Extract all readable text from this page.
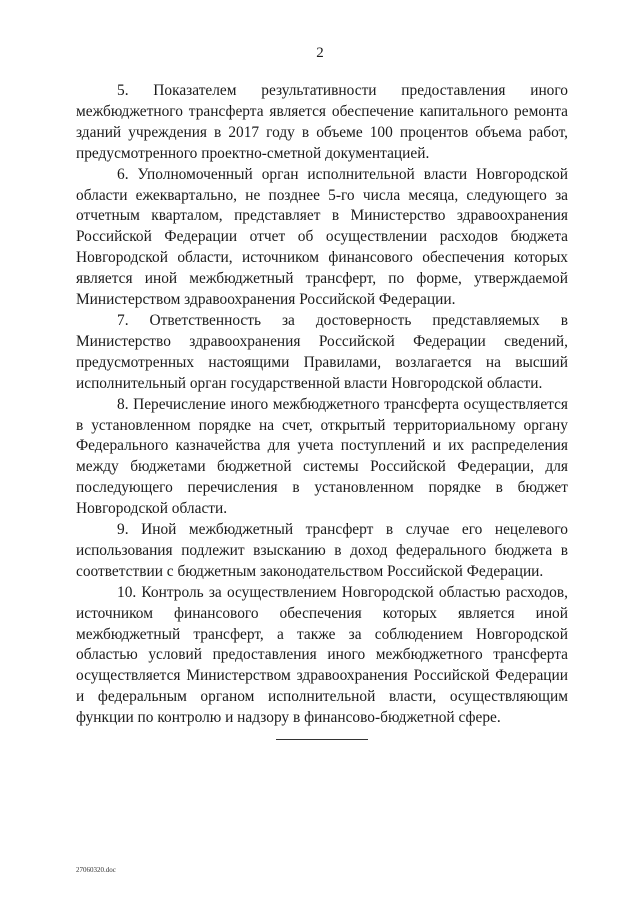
2

5. Показателем результативности предоставления иного межбюджетного трансферта является обеспечение капитального ремонта зданий учреждения в 2017 году в объеме 100 процентов объема работ, предусмотренного проектно-сметной документацией.

6. Уполномоченный орган исполнительной власти Новгородской области ежеквартально, не позднее 5-го числа месяца, следующего за отчетным кварталом, представляет в Министерство здравоохранения Российской Федерации отчет об осуществлении расходов бюджета Новгородской области, источником финансового обеспечения которых является иной межбюджетный трансферт, по форме, утверждаемой Министерством здравоохранения Российской Федерации.

7. Ответственность за достоверность представляемых в Министерство здравоохранения Российской Федерации сведений, предусмотренных настоящими Правилами, возлагается на высший исполнительный орган государственной власти Новгородской области.

8. Перечисление иного межбюджетного трансферта осуществляется в установленном порядке на счет, открытый территориальному органу Федерального казначейства для учета поступлений и их распределения между бюджетами бюджетной системы Российской Федерации, для последующего перечисления в установленном порядке в бюджет Новгородской области.

9. Иной межбюджетный трансферт в случае его нецелевого использования подлежит взысканию в доход федерального бюджета в соответствии с бюджетным законодательством Российской Федерации.

10. Контроль за осуществлением Новгородской областью расходов, источником финансового обеспечения которых является иной межбюджетный трансферт, а также за соблюдением Новгородской областью условий предоставления иного межбюджетного трансферта осуществляется Министерством здравоохранения Российской Федерации и федеральным органом исполнительной власти, осуществляющим функции по контролю и надзору в финансово-бюджетной сфере.

27060320.doc
